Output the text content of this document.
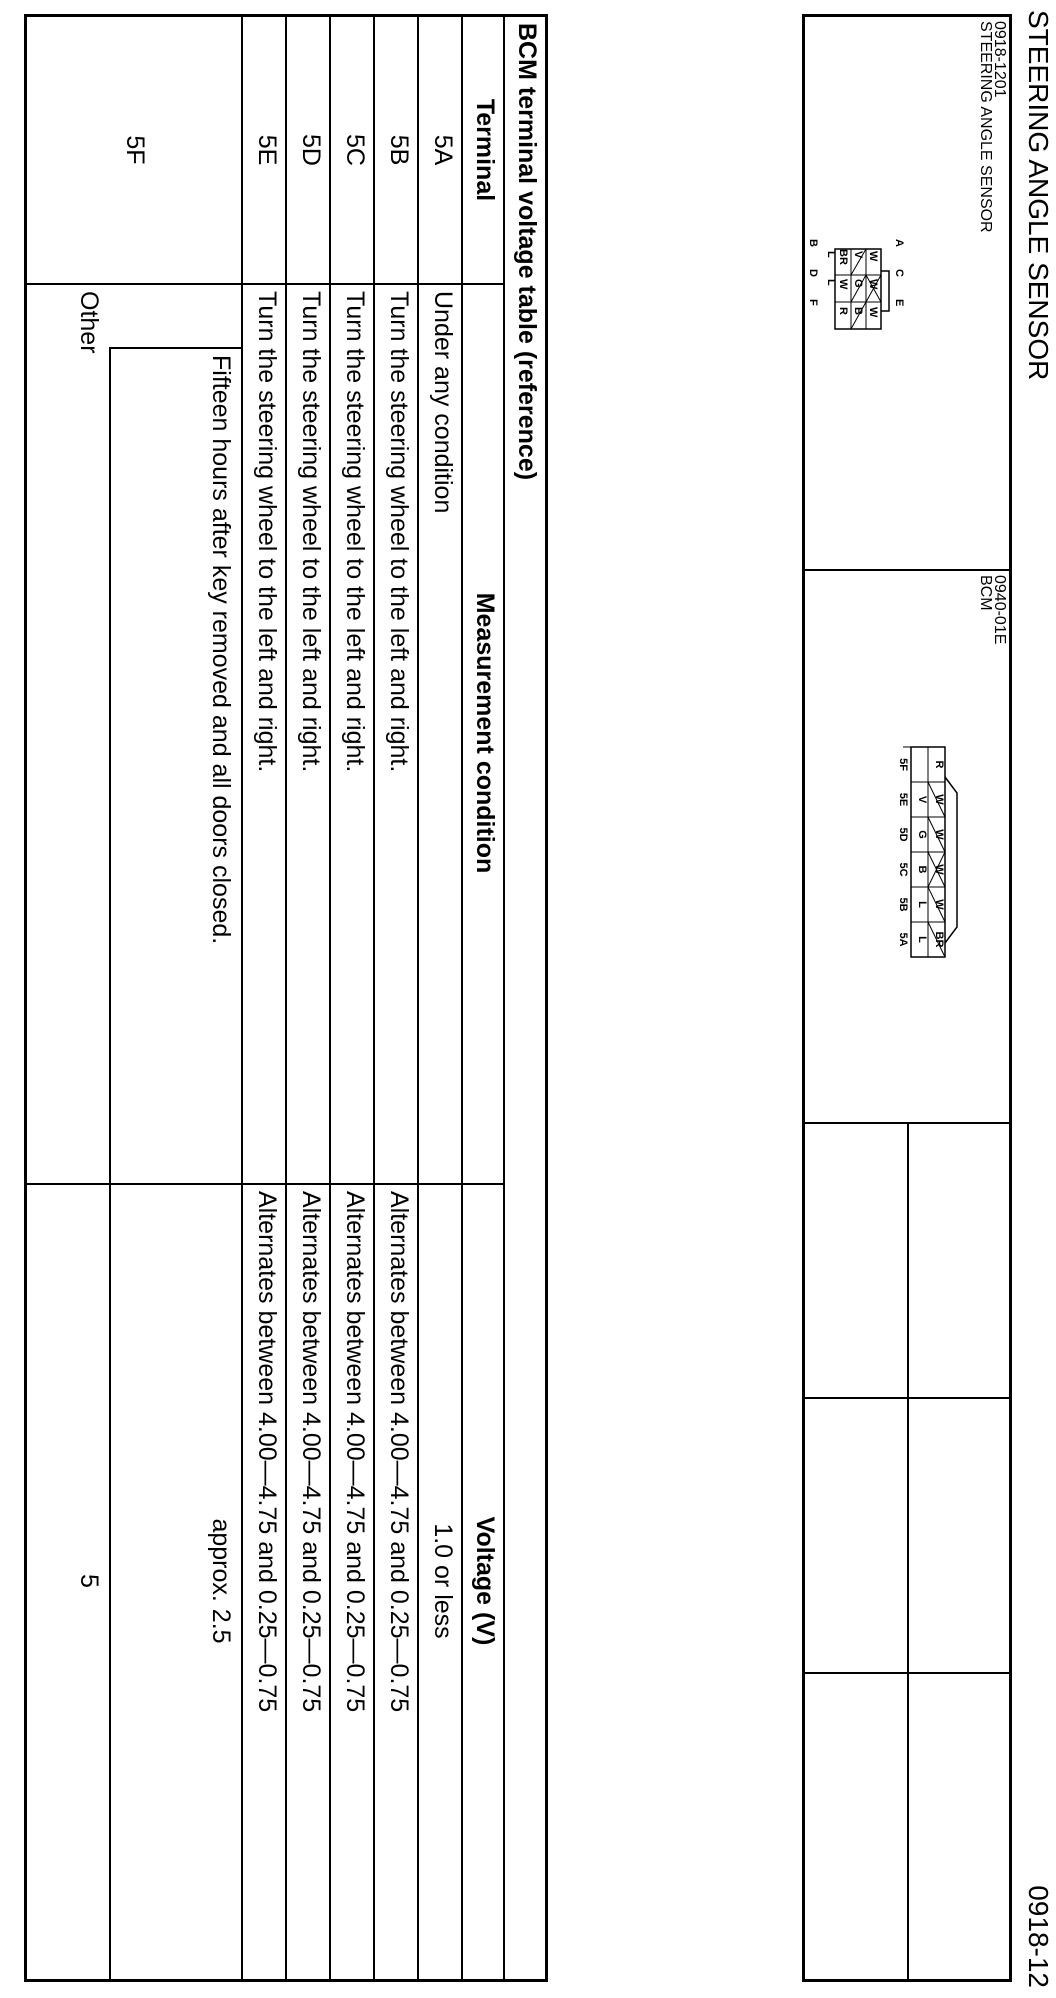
STEERING ANGLE SENSOR
0918-12
0918-1201
STEERING ANGLE SENSOR
A
C
E
B
D
F
W
W
W
V
G
B
BR
W
R
L
L
0940-01E
BCM
R
W
W
W
W
BR
V
G
B
L
L
5F
5E
5D
5C
5B
5A
BCM terminal voltage table (reference)
Terminal
Measurement condition
Voltage (V)
5A
Under any condition
1.0 or less
5B
Turn the steering wheel to the left and right.
Alternates between 4.00—4.75 and 0.25—0.75
5C
Turn the steering wheel to the left and right.
Alternates between 4.00—4.75 and 0.25—0.75
5D
Turn the steering wheel to the left and right.
Alternates between 4.00—4.75 and 0.25—0.75
5E
Turn the steering wheel to the left and right.
Alternates between 4.00—4.75 and 0.25—0.75
5F
Fifteen hours after key removed and all doors closed.
approx. 2.5
Other
5
